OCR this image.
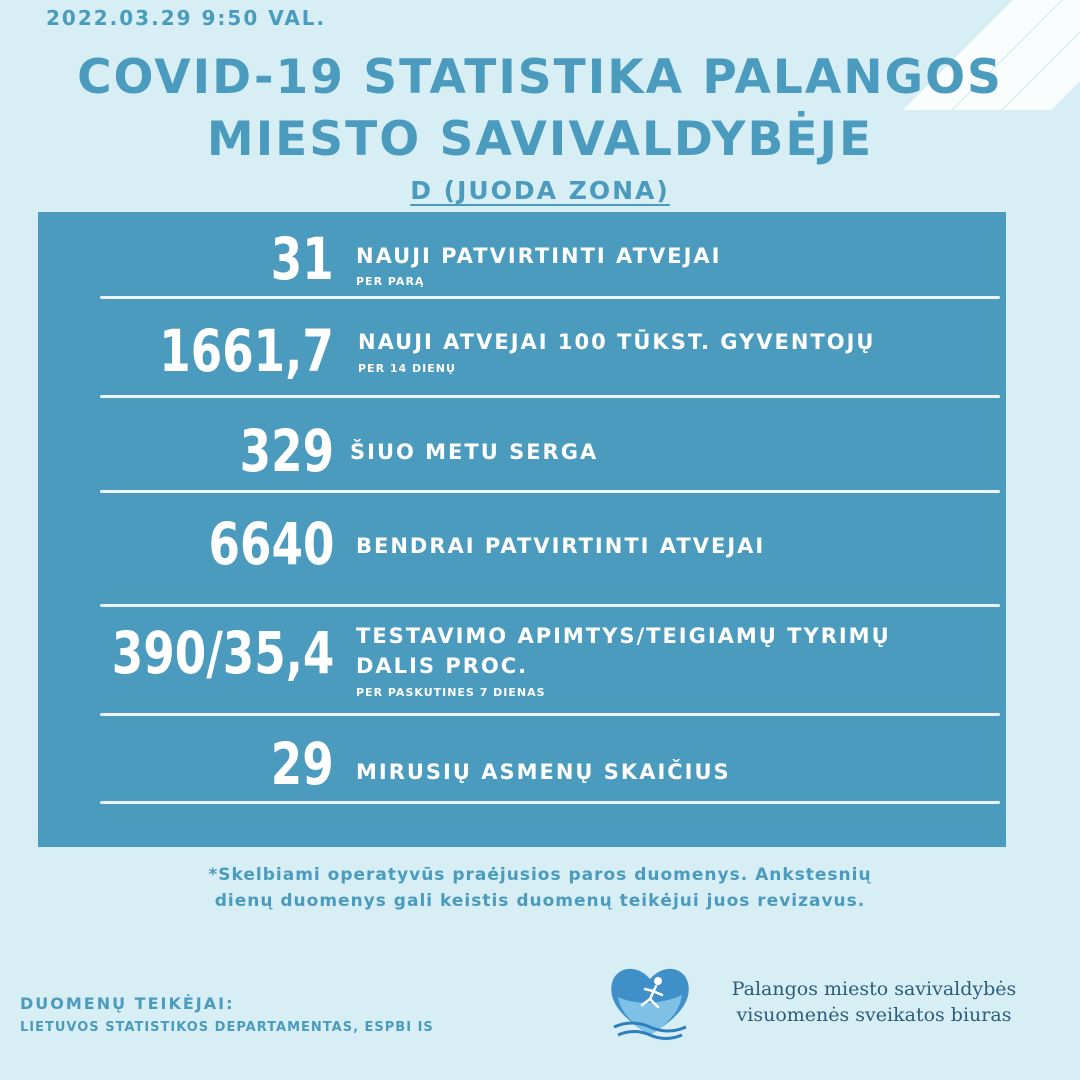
2022.03.29 9:50 VAL.
COVID-19 STATISTIKA PALANGOS
MIESTO SAVIVALDYBĖJE
D (JUODA ZONA)
31 NAUJI PATVIRTINTI ATVEJAI
PER PARĄ
1661,7 NAUJI ATVEJAI 100 TŪKST. GYVENTOJŲ
PER 14 DIENŲ
329 ŠIUO METU SERGA
6640 BENDRAI PATVIRTINTI ATVEJAI
390/35,4 TESTAVIMO APIMTYS/TEIGIAMŲ TYRIMŲ
DALIS PROC.
PER PASKUTINES 7 DIENAS
29 MIRUSIŲ ASMENŲ SKAIČIUS
*Skelbiami operatyvūs praėjusios paros duomenys. Ankstesnių
dienų duomenys gali keistis duomenų teikėjui juos revizavus.
DUOMENŲ TEIKĖJAI:
LIETUVOS STATISTIKOS DEPARTAMENTAS, ESPBI IS
Palangos miesto savivaldybės
visuomenės sveikatos biuras
